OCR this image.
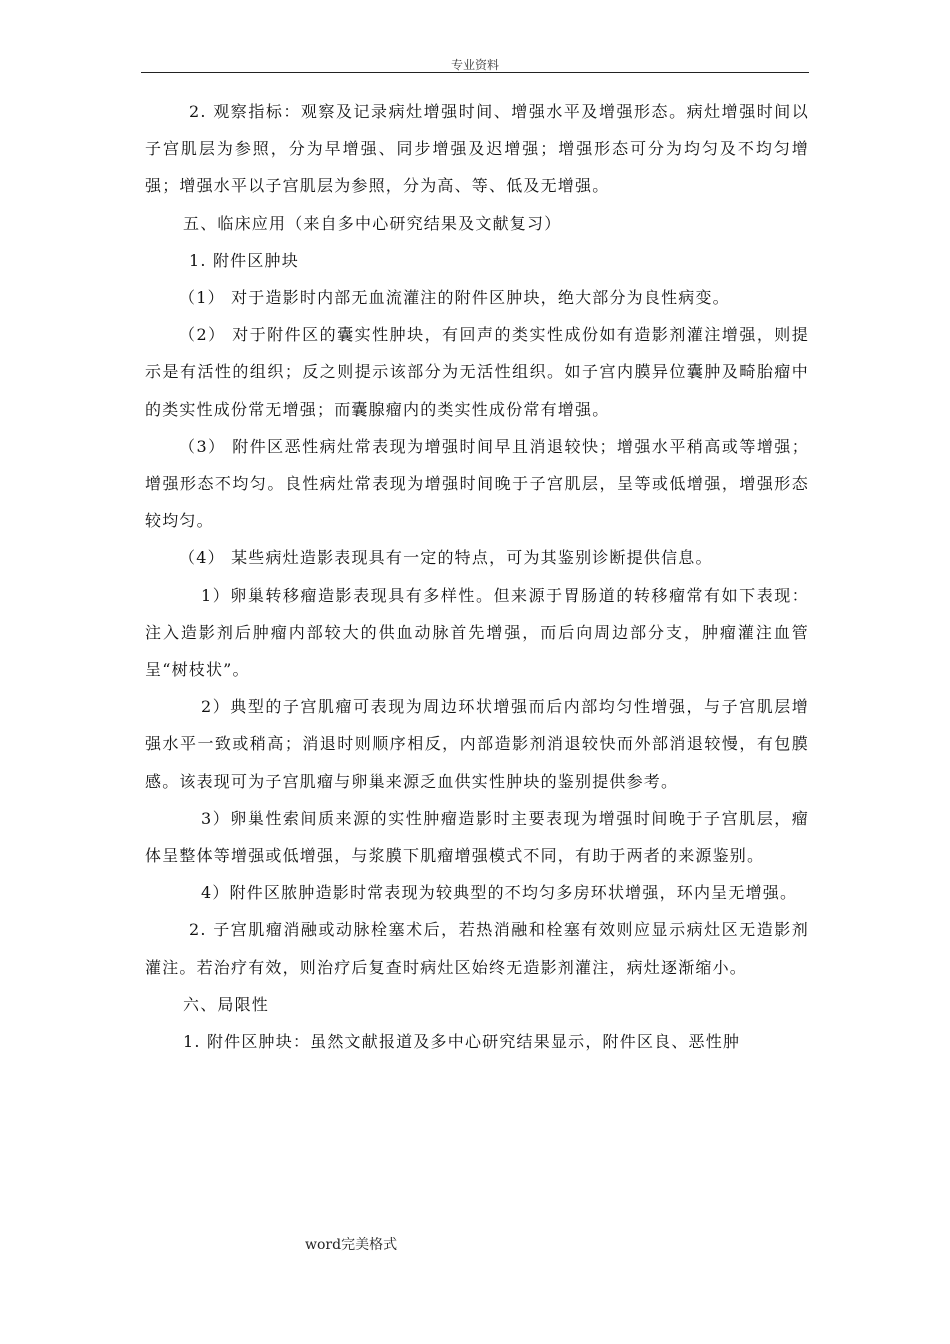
专业资料

2. 观察指标：观察及记录病灶增强时间、增强水平及增强形态。病灶增强时间以子宫肌层为参照，分为早增强、同步增强及迟增强；增强形态可分为均匀及不均匀增强；增强水平以子宫肌层为参照，分为高、等、低及无增强。

五、临床应用（来自多中心研究结果及文献复习）

1. 附件区肿块

（1） 对于造影时内部无血流灌注的附件区肿块，绝大部分为良性病变。

（2） 对于附件区的囊实性肿块，有回声的类实性成份如有造影剂灌注增强，则提示是有活性的组织；反之则提示该部分为无活性组织。如子宫内膜异位囊肿及畸胎瘤中的类实性成份常无增强；而囊腺瘤内的类实性成份常有增强。

（3） 附件区恶性病灶常表现为增强时间早且消退较快；增强水平稍高或等增强；增强形态不均匀。良性病灶常表现为增强时间晚于子宫肌层，呈等或低增强，增强形态较均匀。

（4） 某些病灶造影表现具有一定的特点，可为其鉴别诊断提供信息。

1）卵巢转移瘤造影表现具有多样性。但来源于胃肠道的转移瘤常有如下表现：注入造影剂后肿瘤内部较大的供血动脉首先增强，而后向周边部分支，肿瘤灌注血管呈“树枝状”。

2）典型的子宫肌瘤可表现为周边环状增强而后内部均匀性增强，与子宫肌层增强水平一致或稍高；消退时则顺序相反，内部造影剂消退较快而外部消退较慢，有包膜感。该表现可为子宫肌瘤与卵巢来源乏血供实性肿块的鉴别提供参考。

3）卵巢性索间质来源的实性肿瘤造影时主要表现为增强时间晚于子宫肌层，瘤体呈整体等增强或低增强，与浆膜下肌瘤增强模式不同，有助于两者的来源鉴别。

4）附件区脓肿造影时常表现为较典型的不均匀多房环状增强，环内呈无增强。

2. 子宫肌瘤消融或动脉栓塞术后，若热消融和栓塞有效则应显示病灶区无造影剂灌注。若治疗有效，则治疗后复查时病灶区始终无造影剂灌注，病灶逐渐缩小。

六、局限性

1. 附件区肿块：虽然文献报道及多中心研究结果显示，附件区良、恶性肿

word完美格式
